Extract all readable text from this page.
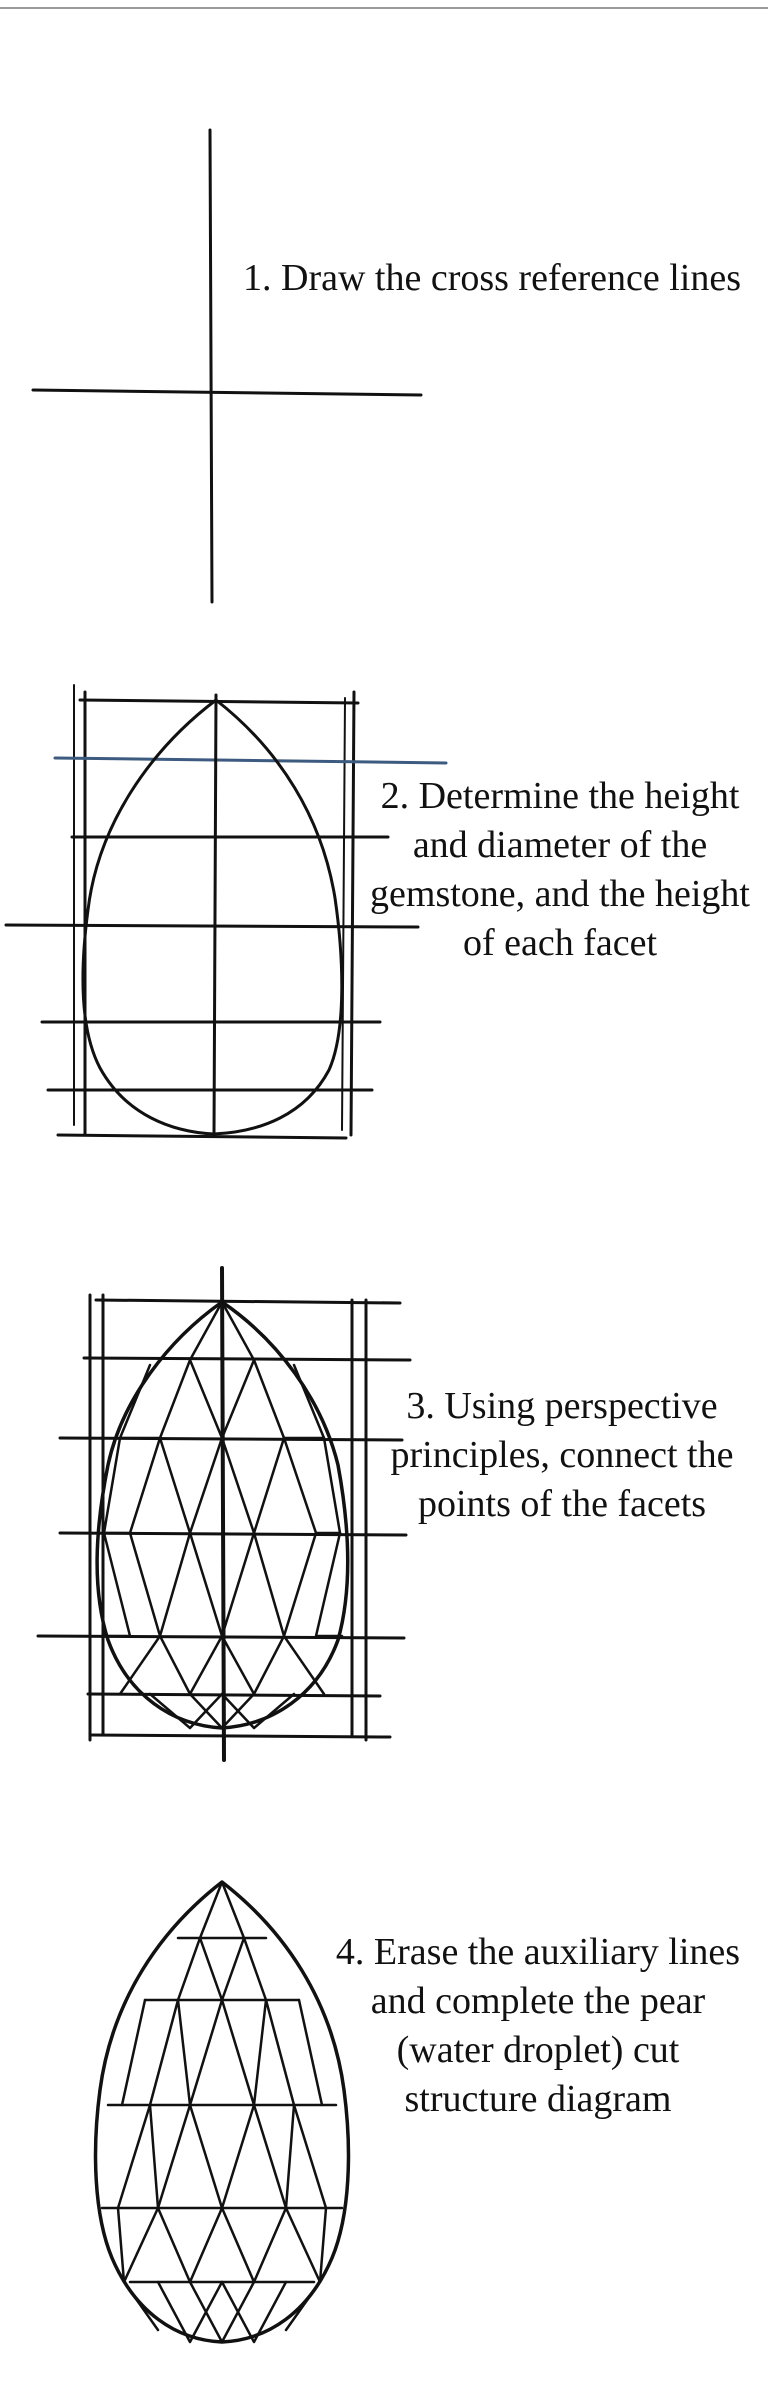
1. Draw the cross reference lines
2. Determine the height
and diameter of the
gemstone, and the height
of each facet
3. Using perspective
principles, connect the
points of the facets
4. Erase the auxiliary lines
and complete the pear
(water droplet) cut
structure diagram
